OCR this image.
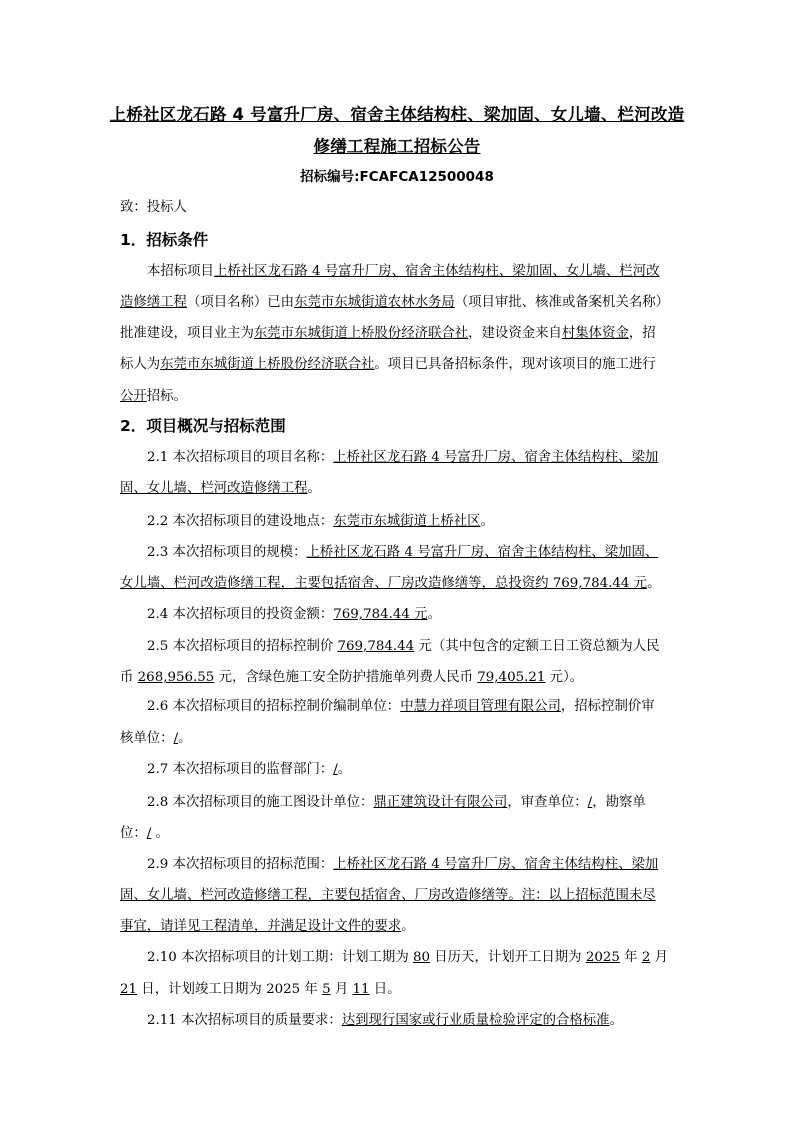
上桥社区龙石路 4 号富升厂房、宿舍主体结构柱、梁加固、女儿墙、栏河改造
修缮工程施工招标公告
招标编号:FCAFCA12500048
致：投标人
1．招标条件
本招标项目上桥社区龙石路 4 号富升厂房、宿舍主体结构柱、梁加固、女儿墙、栏河改
造修缮工程（项目名称）已由东莞市东城街道农林水务局（项目审批、核准或备案机关名称）
批准建设，项目业主为东莞市东城街道上桥股份经济联合社，建设资金来自村集体资金，招
标人为东莞市东城街道上桥股份经济联合社。项目已具备招标条件，现对该项目的施工进行
公开招标。
2．项目概况与招标范围
2.1 本次招标项目的项目名称：上桥社区龙石路 4 号富升厂房、宿舍主体结构柱、梁加
固、女儿墙、栏河改造修缮工程。
2.2 本次招标项目的建设地点：东莞市东城街道上桥社区。
2.3 本次招标项目的规模：上桥社区龙石路 4 号富升厂房、宿舍主体结构柱、梁加固、
女儿墙、栏河改造修缮工程，主要包括宿舍、厂房改造修缮等，总投资约 769,784.44 元。
2.4 本次招标项目的投资金额：769,784.44 元。
2.5 本次招标项目的招标控制价 769,784.44 元（其中包含的定额工日工资总额为人民
币 268,956.55 元，含绿色施工安全防护措施单列费人民币 79,405.21 元）。
2.6 本次招标项目的招标控制价编制单位：中慧力祥项目管理有限公司，招标控制价审
核单位：/。
2.7 本次招标项目的监督部门：/。
2.8 本次招标项目的施工图设计单位：鼎正建筑设计有限公司，审查单位：/，勘察单
位：/ 。
2.9 本次招标项目的招标范围：上桥社区龙石路 4 号富升厂房、宿舍主体结构柱、梁加
固、女儿墙、栏河改造修缮工程，主要包括宿舍、厂房改造修缮等。注：以上招标范围未尽
事宜，请详见工程清单，并满足设计文件的要求。
2.10 本次招标项目的计划工期：计划工期为 80 日历天，计划开工日期为 2025 年 2 月
21 日，计划竣工日期为 2025 年 5 月 11 日。
2.11 本次招标项目的质量要求：达到现行国家或行业质量检验评定的合格标准。
